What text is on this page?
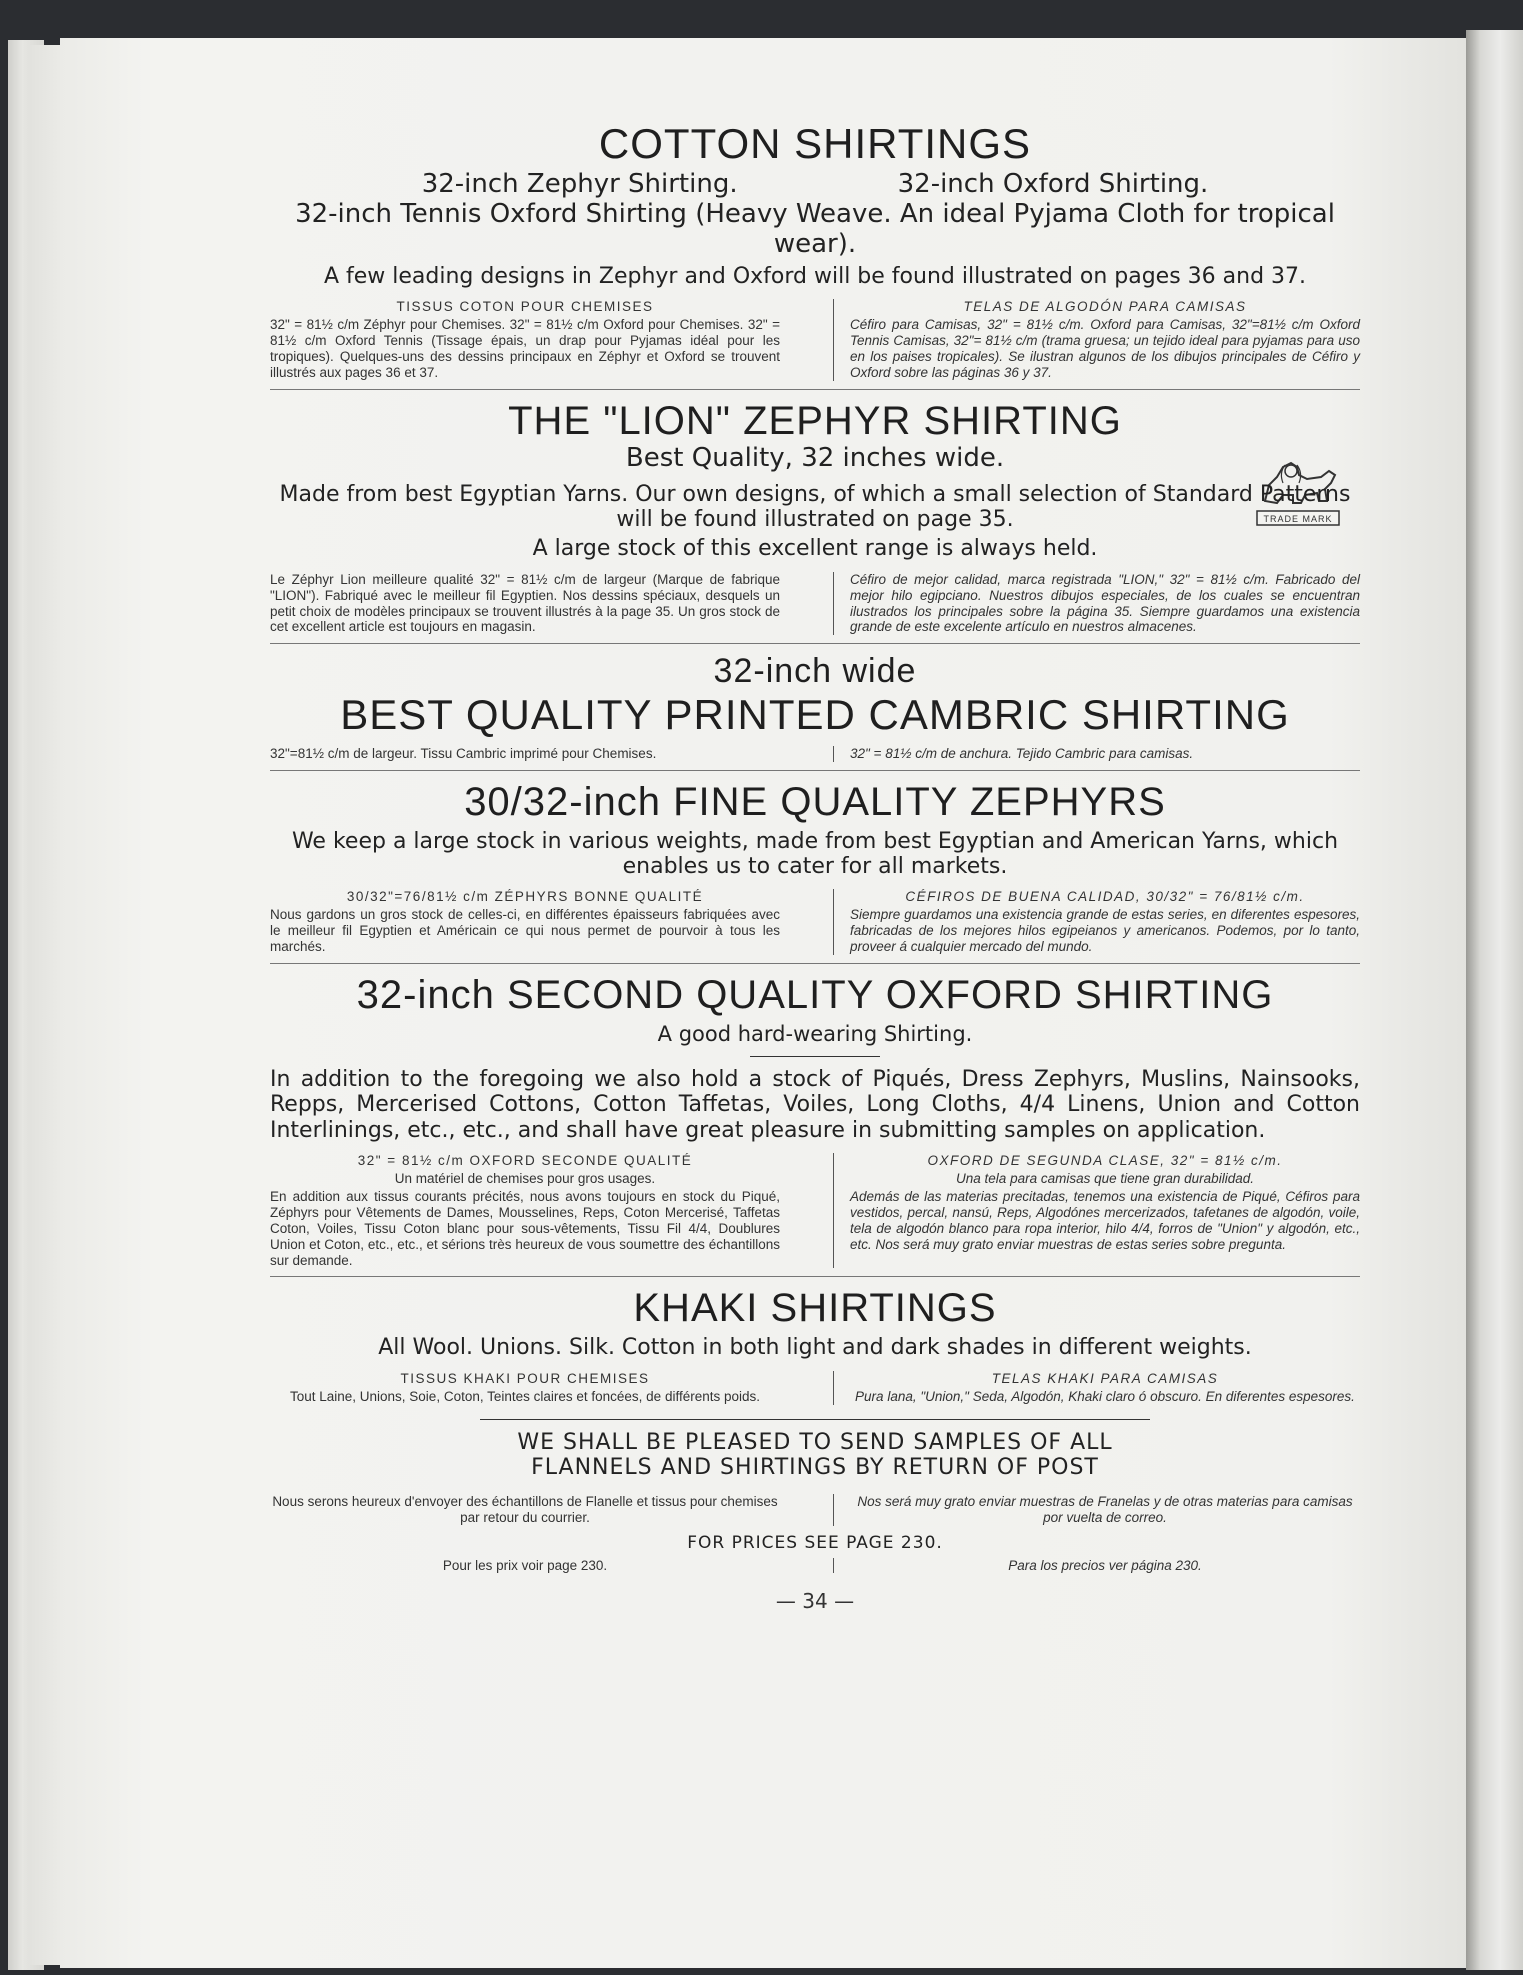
TRADE MARK
COTTON SHIRTINGS
32-inch Zephyr Shirting.	32-inch Oxford Shirting.

32-inch Tennis Oxford Shirting (Heavy Weave. An ideal Pyjama Cloth for tropical wear).

A few leading designs in Zephyr and Oxford will be found illustrated on pages 36 and 37.

TISSUS COTON POUR CHEMISES
32" = 81½ c/m Zéphyr pour Chemises. 32" = 81½ c/m Oxford pour Chemises. 32" = 81½ c/m Oxford Tennis (Tissage épais, un drap pour Pyjamas idéal pour les tropiques). Quelques-uns des dessins principaux en Zéphyr et Oxford se trouvent illustrés aux pages 36 et 37.
TELAS DE ALGODÓN PARA CAMISAS
Céfiro para Camisas, 32" = 81½ c/m. Oxford para Camisas, 32"=81½ c/m Oxford Tennis Camisas, 32"= 81½ c/m (trama gruesa; un tejido ideal para pyjamas para uso en los paises tropicales). Se ilustran algunos de los dibujos principales de Céfiro y Oxford sobre las páginas 36 y 37.
THE "LION" ZEPHYR SHIRTING

Best Quality, 32 inches wide.

Made from best Egyptian Yarns. Our own designs, of which a small selection of Standard Patterns will be found illustrated on page 35.

A large stock of this excellent range is always held.

Le Zéphyr Lion meilleure qualité 32" = 81½ c/m de largeur (Marque de fabrique "LION"). Fabriqué avec le meilleur fil Egyptien. Nos dessins spéciaux, desquels un petit choix de modèles principaux se trouvent illustrés à la page 35. Un gros stock de cet excellent article est toujours en magasin.
Céfiro de mejor calidad, marca registrada "LION," 32" = 81½ c/m. Fabricado del mejor hilo egipciano. Nuestros dibujos especiales, de los cuales se encuentran ilustrados los principales sobre la página 35. Siempre guardamos una existencia grande de este excelente artículo en nuestros almacenes.
32-inch wide
BEST QUALITY PRINTED CAMBRIC SHIRTING
32"=81½ c/m de largeur. Tissu Cambric imprimé pour Chemises.	32" = 81½ c/m de anchura. Tejido Cambric para camisas.
30/32-inch FINE QUALITY ZEPHYRS

We keep a large stock in various weights, made from best Egyptian and American Yarns, which enables us to cater for all markets.

30/32"=76/81½ c/m ZÉPHYRS BONNE QUALITÉ
Nous gardons un gros stock de celles-ci, en différentes épaisseurs fabriquées avec le meilleur fil Egyptien et Américain ce qui nous permet de pourvoir à tous les marchés.
CÉFIROS DE BUENA CALIDAD, 30/32" = 76/81½ c/m.
Siempre guardamos una existencia grande de estas series, en diferentes espesores, fabricadas de los mejores hilos egipeianos y americanos. Podemos, por lo tanto, proveer á cualquier mercado del mundo.
32-inch SECOND QUALITY OXFORD SHIRTING

A good hard-wearing Shirting.

In addition to the foregoing we also hold a stock of Piqués, Dress Zephyrs, Muslins, Nainsooks, Repps, Mercerised Cottons, Cotton Taffetas, Voiles, Long Cloths, 4/4 Linens, Union and Cotton Interlinings, etc., etc., and shall have great pleasure in submitting samples on application.

32" = 81½ c/m OXFORD SECONDE QUALITÉ
Un matériel de chemises pour gros usages.
En addition aux tissus courants précités, nous avons toujours en stock du Piqué, Zéphyrs pour Vêtements de Dames, Mousselines, Reps, Coton Mercerisé, Taffetas Coton, Voiles, Tissu Coton blanc pour sous-vêtements, Tissu Fil 4/4, Doublures Union et Coton, etc., etc., et sérions très heureux de vous soumettre des échantillons sur demande.
OXFORD DE SEGUNDA CLASE, 32" = 81½ c/m.
Una tela para camisas que tiene gran durabilidad.
Además de las materias precitadas, tenemos una existencia de Piqué, Céfiros para vestidos, percal, nansú, Reps, Algodónes mercerizados, tafetanes de algodón, voile, tela de algodón blanco para ropa interior, hilo 4/4, forros de "Union" y algodón, etc., etc. Nos será muy grato enviar muestras de estas series sobre pregunta.
KHAKI SHIRTINGS

All Wool. Unions. Silk. Cotton in both light and dark shades in different weights.

TISSUS KHAKI POUR CHEMISES
Tout Laine, Unions, Soie, Coton, Teintes claires et foncées, de différents poids.
TELAS KHAKI PARA CAMISAS
Pura lana, "Union," Seda, Algodón, Khaki claro ó obscuro. En diferentes espesores.

WE SHALL BE PLEASED TO SEND SAMPLES OF ALL

FLANNELS AND SHIRTINGS BY RETURN OF POST

Nous serons heureux d'envoyer des échantillons de Flanelle et tissus pour chemises par retour du courrier.
Nos será muy grato enviar muestras de Franelas y de otras materias para camisas por vuelta de correo.

FOR PRICES SEE PAGE 230.

Pour les prix voir page 230.	Para los precios ver página 230.
— 34 —
